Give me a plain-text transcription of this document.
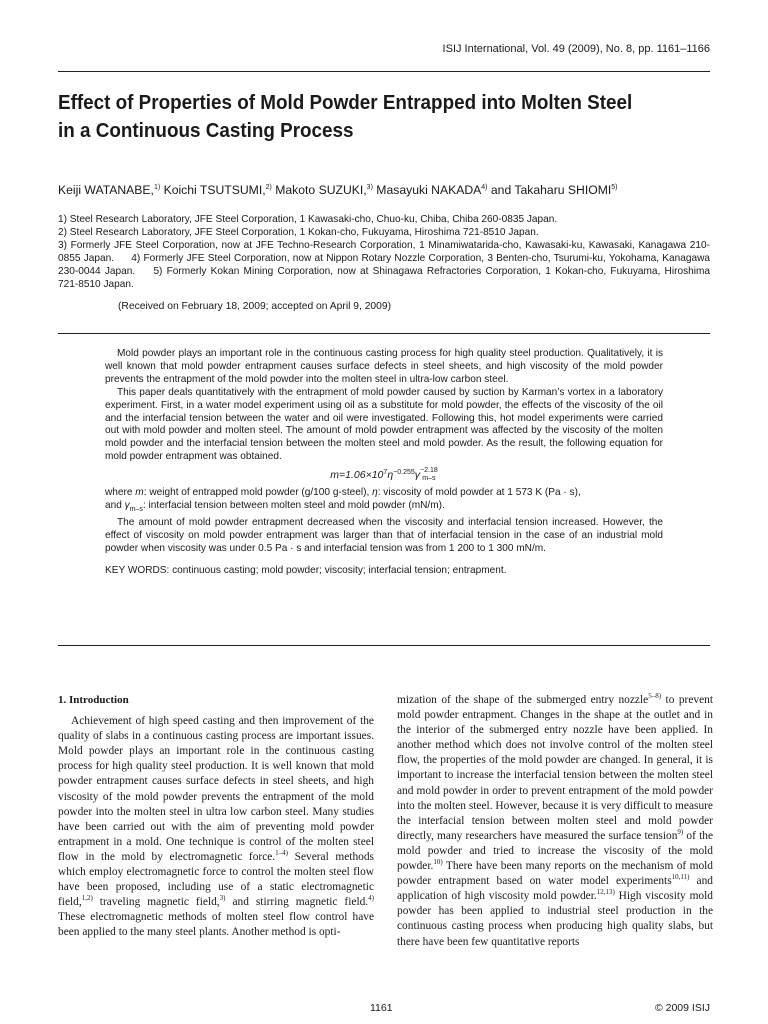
ISIJ International, Vol. 49 (2009), No. 8, pp. 1161–1166
Effect of Properties of Mold Powder Entrapped into Molten Steel
in a Continuous Casting Process
Keiji WATANABE,$^{1)}$ Koichi TSUTSUMI,$^{2)}$ Makoto SUZUKI,$^{3)}$ Masayuki NAKADA$^{4)}$ and Takaharu SHIOMI$^{5)}$
1) Steel Research Laboratory, JFE Steel Corporation, 1 Kawasaki-cho, Chuo-ku, Chiba, Chiba 260-0835 Japan.
2) Steel Research Laboratory, JFE Steel Corporation, 1 Kokan-cho, Fukuyama, Hiroshima 721-8510 Japan.
3) Formerly JFE Steel Corporation, now at JFE Techno-Research Corporation, 1 Minamiwatarida-cho, Kawasaki-ku, Kawasaki, Kanagawa 210-0855 Japan. 4) Formerly JFE Steel Corporation, now at Nippon Rotary Nozzle Corporation, 3 Benten-cho, Tsurumi-ku, Yokohama, Kanagawa 230-0044 Japan. 5) Formerly Kokan Mining Corporation, now at Shinagawa Refractories Corporation, 1 Kokan-cho, Fukuyama, Hiroshima 721-8510 Japan.
(Received on February 18, 2009; accepted on April 9, 2009)

Mold powder plays an important role in the continuous casting process for high quality steel production. Qualitatively, it is well known that mold powder entrapment causes surface defects in steel sheets, and high viscosity of the mold powder prevents the entrapment of the mold powder into the molten steel in ultra-low carbon steel.

This paper deals quantitatively with the entrapment of mold powder caused by suction by Karman’s vortex in a laboratory experiment. First, in a water model experiment using oil as a substitute for mold powder, the effects of the viscosity of the oil and the interfacial tension between the water and oil were investigated. Following this, hot model experiments were carried out with mold powder and molten steel. The amount of mold powder entrapment was affected by the viscosity of the molten mold powder and the interfacial tension between the molten steel and mold powder. As the result, the following equation for mold powder entrapment was obtained.

$m=1.06\times 10^7\eta^{-0.255}\gamma -2.18$
m–s

where m: weight of entrapped mold powder (g/100 g-steel), η: viscosity of mold powder at 1 573 K (Pa · s),
and $\gamma_{m-s}$: interfacial tension between molten steel and mold powder (mN/m).

The amount of mold powder entrapment decreased when the viscosity and interfacial tension increased. However, the effect of viscosity on mold powder entrapment was larger than that of interfacial tension in the case of an industrial mold powder when viscosity was under 0.5 Pa · s and interfacial tension was from 1 200 to 1 300 mN/m.

KEY WORDS: continuous casting; mold powder; viscosity; interfacial tension; entrapment.

1. Introduction

Achievement of high speed casting and then improvement of the quality of slabs in a continuous casting process are important issues. Mold powder plays an important role in the continuous casting process for high quality steel production. It is well known that mold powder entrapment causes surface defects in steel sheets, and high viscosity of the mold powder prevents the entrapment of the mold powder into the molten steel in ultra low carbon steel. Many studies have been carried out with the aim of preventing mold powder entrapment in a mold. One technique is control of the molten steel flow in the mold by electromagnetic force.$^{1-4)}$ Several methods which employ electromagnetic force to control the molten steel flow have been proposed, including use of a static electromagnetic field,$^{1,2)}$ traveling magnetic field,$^{3)}$ and stirring magnetic field.$^{4)}$ These electromagnetic methods of molten steel flow control have been applied to the many steel plants. Another method is opti-

mization of the shape of the submerged entry nozzle$^{5-8)}$ to prevent mold powder entrapment. Changes in the shape at the outlet and in the interior of the submerged entry nozzle have been applied. In another method which does not involve control of the molten steel flow, the properties of the mold powder are changed. In general, it is important to increase the interfacial tension between the molten steel and mold powder in order to prevent entrapment of the mold powder into the molten steel. However, because it is very difficult to measure the interfacial tension between molten steel and mold powder directly, many researchers have measured the surface tension$^{9)}$ of the mold powder and tried to increase the viscosity of the mold powder.$^{10)}$ There have been many reports on the mechanism of mold powder entrapment based on water model experiments$^{10,11)}$ and application of high viscosity mold powder.$^{12,13)}$ High viscosity mold powder has been applied to industrial steel production in the continuous casting process when producing high quality slabs, but there have been few quantitative reports

1161	© 2009 ISIJ
